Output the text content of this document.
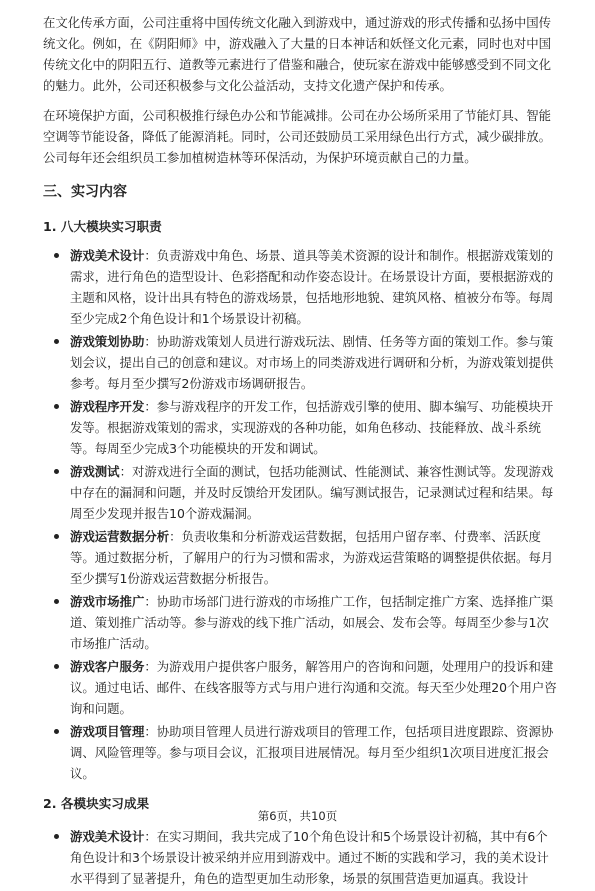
在文化传承方面，公司注重将中国传统文化融入到游戏中，通过游戏的形式传播和弘扬中国传统文化。例如，在《阴阳师》中，游戏融入了大量的日本神话和妖怪文化元素，同时也对中国传统文化中的阴阳五行、道教等元素进行了借鉴和融合，使玩家在游戏中能够感受到不同文化的魅力。此外，公司还积极参与文化公益活动，支持文化遗产保护和传承。

在环境保护方面，公司积极推行绿色办公和节能减排。公司在办公场所采用了节能灯具、智能空调等节能设备，降低了能源消耗。同时，公司还鼓励员工采用绿色出行方式，减少碳排放。公司每年还会组织员工参加植树造林等环保活动，为保护环境贡献自己的力量。

三、实习内容
1. 八大模块实习职责
游戏美术设计：负责游戏中角色、场景、道具等美术资源的设计和制作。根据游戏策划的需求，进行角色的造型设计、色彩搭配和动作姿态设计。在场景设计方面，要根据游戏的主题和风格，设计出具有特色的游戏场景，包括地形地貌、建筑风格、植被分布等。每周至少完成2个角色设计和1个场景设计初稿。
游戏策划协助：协助游戏策划人员进行游戏玩法、剧情、任务等方面的策划工作。参与策划会议，提出自己的创意和建议。对市场上的同类游戏进行调研和分析，为游戏策划提供参考。每月至少撰写2份游戏市场调研报告。
游戏程序开发：参与游戏程序的开发工作，包括游戏引擎的使用、脚本编写、功能模块开发等。根据游戏策划的需求，实现游戏的各种功能，如角色移动、技能释放、战斗系统等。每周至少完成3个功能模块的开发和调试。
游戏测试：对游戏进行全面的测试，包括功能测试、性能测试、兼容性测试等。发现游戏中存在的漏洞和问题，并及时反馈给开发团队。编写测试报告，记录测试过程和结果。每周至少发现并报告10个游戏漏洞。
游戏运营数据分析：负责收集和分析游戏运营数据，包括用户留存率、付费率、活跃度等。通过数据分析，了解用户的行为习惯和需求，为游戏运营策略的调整提供依据。每月至少撰写1份游戏运营数据分析报告。
游戏市场推广：协助市场部门进行游戏的市场推广工作，包括制定推广方案、选择推广渠道、策划推广活动等。参与游戏的线下推广活动，如展会、发布会等。每周至少参与1次市场推广活动。
游戏客户服务：为游戏用户提供客户服务，解答用户的咨询和问题，处理用户的投诉和建议。通过电话、邮件、在线客服等方式与用户进行沟通和交流。每天至少处理20个用户咨询和问题。
游戏项目管理：协助项目管理人员进行游戏项目的管理工作，包括项目进度跟踪、资源协调、风险管理等。参与项目会议，汇报项目进展情况。每月至少组织1次项目进度汇报会议。
2. 各模块实习成果
游戏美术设计：在实习期间，我共完成了10个角色设计和5个场景设计初稿，其中有6个角色设计和3个场景设计被采纳并应用到游戏中。通过不断的实践和学习，我的美术设计水平得到了显著提升，角色的造型更加生动形象，场景的氛围营造更加逼真。我设计
第6页，共10页
